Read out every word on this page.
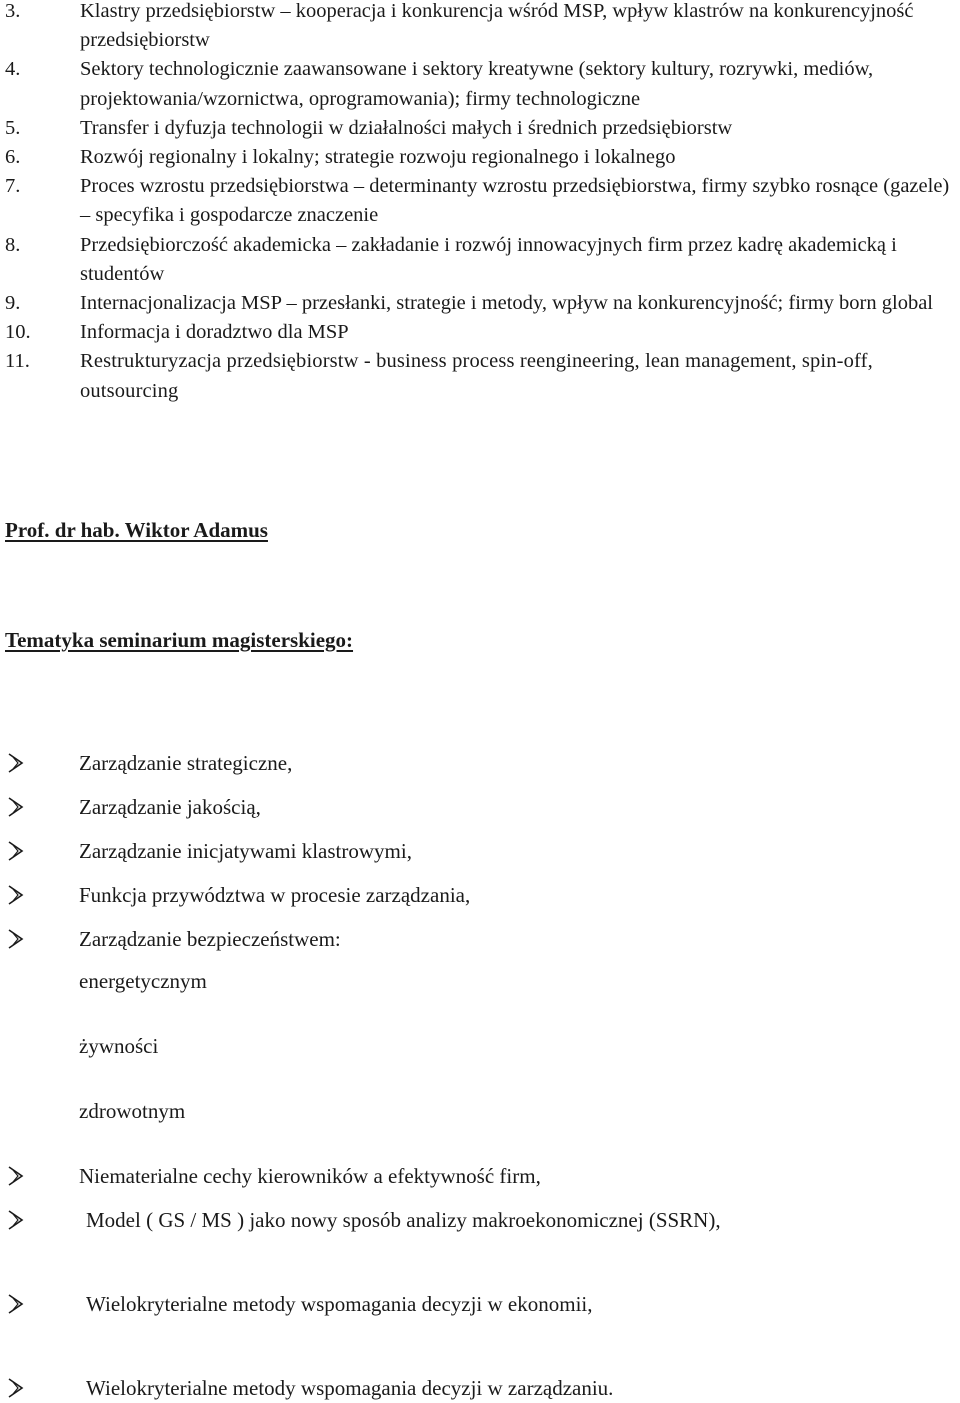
3.	Klastry przedsiębiorstw – kooperacja i konkurencja wśród MSP, wpływ klastrów na konkurencyjność przedsiębiorstw
4.	Sektory technologicznie zaawansowane i sektory kreatywne (sektory kultury, rozrywki, mediów, projektowania/wzornictwa, oprogramowania); firmy technologiczne
5.	Transfer i dyfuzja technologii w działalności małych i średnich przedsiębiorstw
6.	Rozwój regionalny i lokalny; strategie rozwoju regionalnego i lokalnego
7.	Proces wzrostu przedsiębiorstwa – determinanty wzrostu przedsiębiorstwa, firmy szybko rosnące (gazele) – specyfika i gospodarcze znaczenie
8.	Przedsiębiorczość akademicka – zakładanie i rozwój innowacyjnych firm przez kadrę akademicką i studentów
9.	Internacjonalizacja MSP – przesłanki, strategie i metody, wpływ na konkurencyjność; firmy born global
10.	Informacja i doradztwo dla MSP
11.	Restrukturyzacja przedsiębiorstw - business process reengineering, lean management, spin-off, outsourcing
Prof. dr hab. Wiktor Adamus
Tematyka seminarium magisterskiego:
Zarządzanie strategiczne,
Zarządzanie jakością,
Zarządzanie inicjatywami klastrowymi,
Funkcja przywództwa w procesie zarządzania,
Zarządzanie bezpieczeństwem:
energetycznym
żywności
zdrowotnym
Niematerialne cechy kierowników a efektywność firm,
Model ( GS / MS ) jako nowy sposób analizy makroekonomicznej (SSRN),
Wielokryterialne metody wspomagania decyzji w ekonomii,
Wielokryterialne metody wspomagania decyzji w zarządzaniu.
